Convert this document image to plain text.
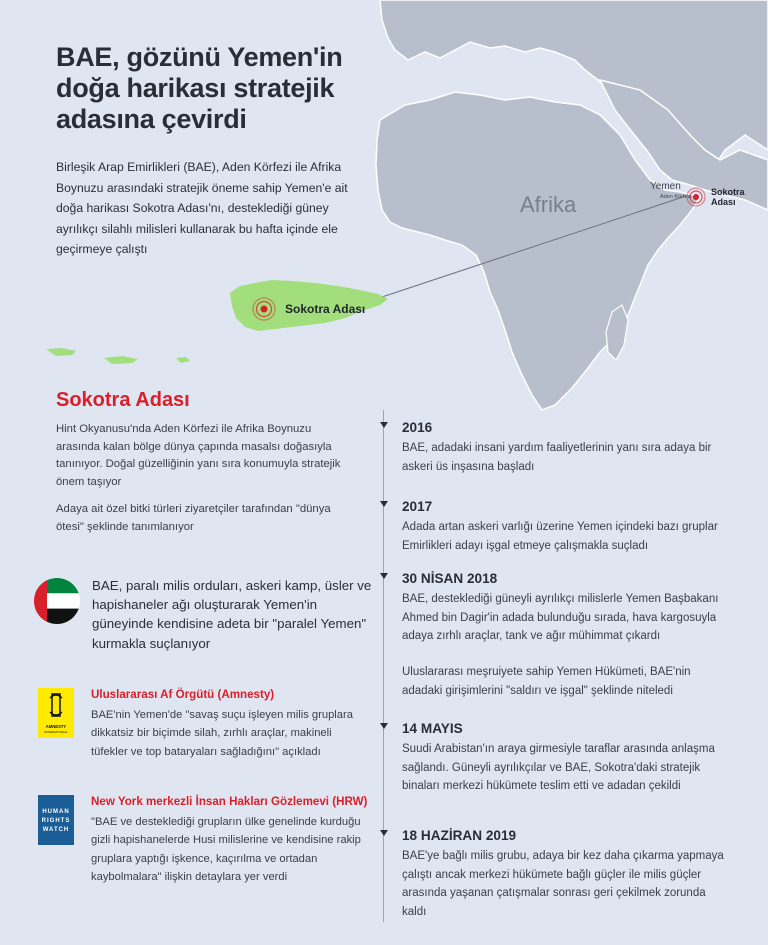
Afrika
Yemen
Aden Körfezi Sokotra Adası
Sokotra Adası
BAE, gözünü Yemen'in
doğa harikası stratejik
adasına çevirdi

Birleşik Arap Emirlikleri (BAE), Aden Körfezi ile Afrika Boynuzu arasındaki stratejik öneme sahip Yemen'e ait doğa harikası Sokotra Adası'nı, desteklediği güney ayrılıkçı silahlı milisleri kullanarak bu hafta içinde ele geçirmeye çalıştı

Sokotra Adası

Hint Okyanusu'nda Aden Körfezi ile Afrika Boynuzu arasında kalan bölge dünya çapında masalsı doğasıyla tanınıyor. Doğal güzelliğinin yanı sıra konumuyla stratejik önem taşıyor

Adaya ait özel bitki türleri ziyaretçiler tarafından "dünya ötesi" şeklinde tanımlanıyor

BAE, paralı milis orduları, askeri kamp, üsler ve hapishaneler ağı oluşturarak Yemen'in güneyinde kendisine adeta bir "paralel Yemen" kurmakla suçlanıyor

AMNESTY
INTERNATIONAL
Uluslararası Af Örgütü (Amnesty)

BAE'nin Yemen'de "savaş suçu işleyen milis gruplara dikkatsiz bir biçimde silah, zırhlı araçlar, makineli tüfekler ve top bataryaları sağladığını" açıkladı

HUMAN
RIGHTS
WATCH
New York merkezli İnsan Hakları Gözlemevi (HRW)

"BAE ve desteklediği grupların ülke genelinde kurduğu gizli hapishanelerde Husi milislerine ve kendisine rakip gruplara yaptığı işkence, kaçırılma ve ortadan kaybolmalara" ilişkin detaylara yer verdi

2016

BAE, adadaki insani yardım faaliyetlerinin yanı sıra adaya bir askeri üs inşasına başladı

2017

Adada artan askeri varlığı üzerine Yemen içindeki bazı gruplar Emirlikleri adayı işgal etmeye çalışmakla suçladı

30 NİSAN 2018

BAE, desteklediği güneyli ayrılıkçı milislerle Yemen Başbakanı Ahmed bin Dagir'in adada bulunduğu sırada, hava kargosuyla adaya zırhlı araçlar, tank ve ağır mühimmat çıkardı

Uluslararası meşruiyete sahip Yemen Hükümeti, BAE'nin adadaki girişimlerini "saldırı ve işgal" şeklinde niteledi

14 MAYIS

Suudi Arabistan'ın araya girmesiyle taraflar arasında anlaşma sağlandı. Güneyli ayrılıkçılar ve BAE, Sokotra'daki stratejik binaları merkezi hükümete teslim etti ve adadan çekildi

18 HAZİRAN 2019

BAE'ye bağlı milis grubu, adaya bir kez daha çıkarma yapmaya çalıştı ancak merkezi hükümete bağlı güçler ile milis güçler arasında yaşanan çatışmalar sonrası geri çekilmek zorunda kaldı
